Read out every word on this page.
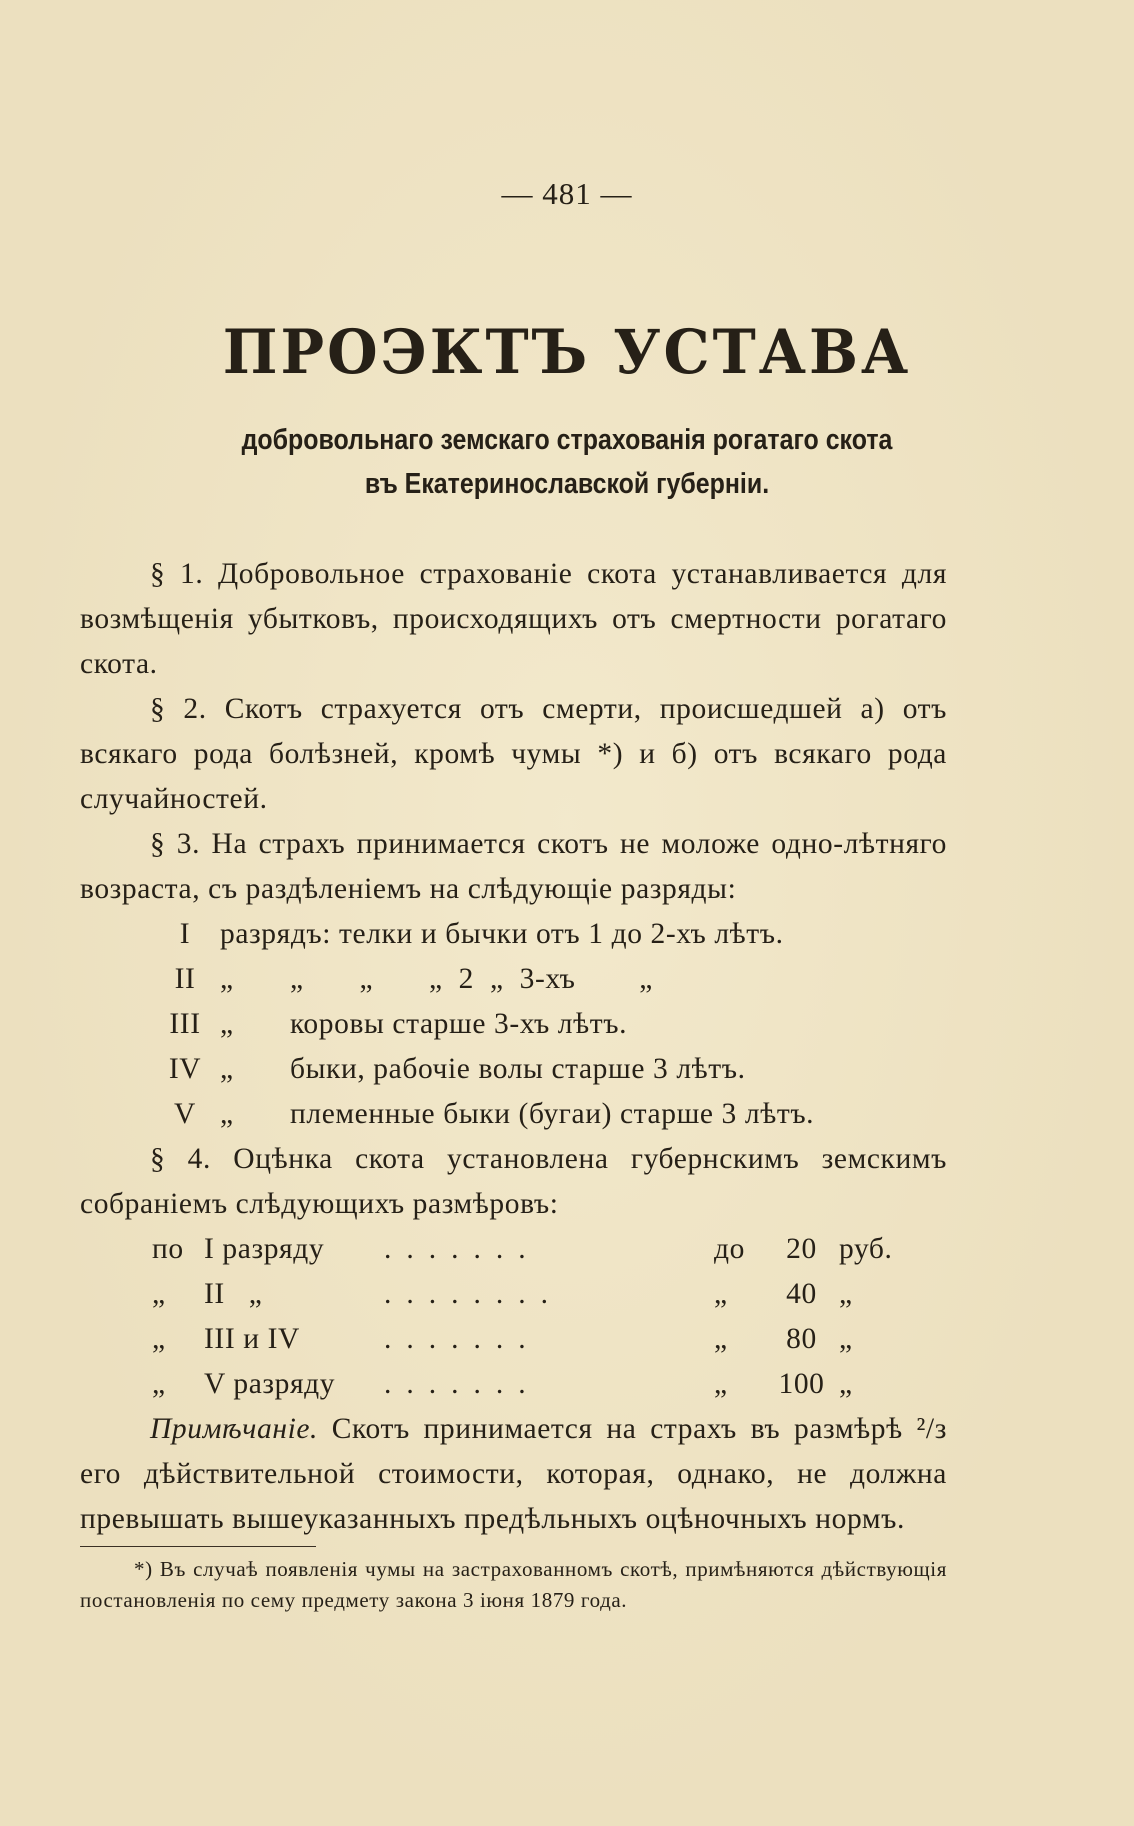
— 481 —
ПРОЭКТЪ УСТАВА
добровольнаго земскаго страхованія рогатаго скота
въ Екатеринославской губерніи.

§ 1. Добровольное страхованіе скота устанавливается для возмѣщенія убытковъ, происходящихъ отъ смертности рогатаго скота.

§ 2. Скотъ страхуется отъ смерти, происшедшей а) отъ всякаго рода болѣзней, кромѣ чумы *) и б) отъ всякаго рода случайностей.

§ 3. На страхъ принимается скотъ не моложе одно-лѣтняго возраста, съ раздѣленіемъ на слѣдующіе разряды:

I	разрядъ: телки и бычки отъ 1 до 2-хъ лѣтъ.	
II	„	„       „       „  2  „  3-хъ        „
III	„	коровы старше 3-хъ лѣтъ.
IV	„	быки, рабочіе волы старше 3 лѣтъ.
V	„	племенные быки (бугаи) старше 3 лѣтъ.

§ 4. Оцѣнка скота установлена губернскимъ земскимъ собраніемъ слѣдующихъ размѣровъ:

по	I разряду	.......	до	20	руб.
„	II   „	........	„	40	„
„	III и IV	.......	„	80	„
„	V разряду	.......	„	100	„

Примѣчаніе. Скотъ принимается на страхъ въ размѣрѣ ²/з его дѣйствительной стоимости, которая, однако, не должна превышать вышеуказанныхъ предѣльныхъ оцѣночныхъ нормъ.

*) Въ случаѣ появленія чумы на застрахованномъ скотѣ, примѣняются дѣйствующія постановленія по сему предмету закона 3 іюня 1879 года.
